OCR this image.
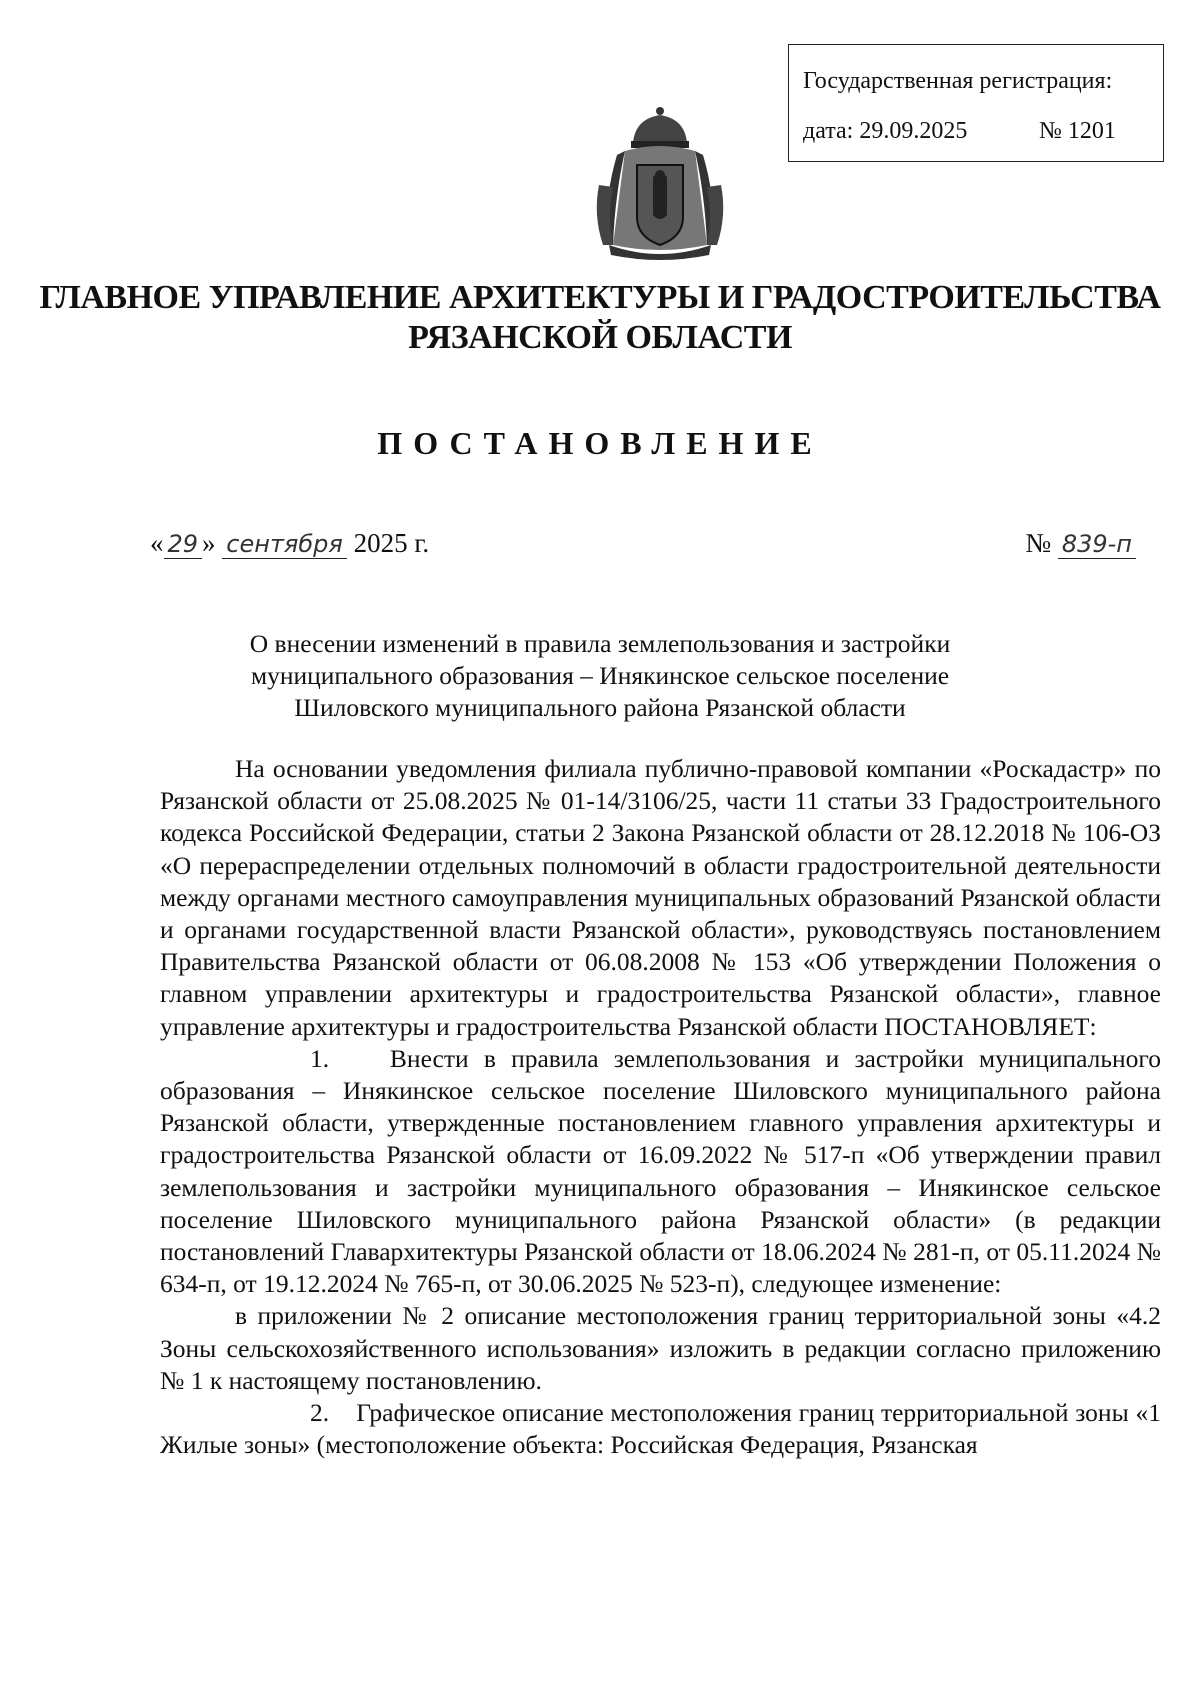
Государственная регистрация:
дата: 29.09.2025	№ 1201
ГЛАВНОЕ УПРАВЛЕНИЕ АРХИТЕКТУРЫ И ГРАДОСТРОИТЕЛЬСТВА
РЯЗАНСКОЙ ОБЛАСТИ
ПОСТАНОВЛЕНИЕ
« 29 » сентября 2025 г.	№ 839-п
О внесении изменений в правила землепользования и застройки
муниципального образования – Инякинское сельское поселение
Шиловского муниципального района Рязанской области

На основании уведомления филиала публично-правовой компании «Роскадастр» по Рязанской области от 25.08.2025 № 01-14/3106/25, части 11 статьи 33 Градостроительного кодекса Российской Федерации, статьи 2 Закона Рязанской области от 28.12.2018 № 106-ОЗ «О перераспределении отдельных полномочий в области градостроительной деятельности между органами местного самоуправления муниципальных образований Рязанской области и органами государственной власти Рязанской области», руководствуясь постановлением Правительства Рязанской области от 06.08.2008 № 153 «Об утверждении Положения о главном управлении архитектуры и градостроительства Рязанской области», главное управление архитектуры и градостроительства Рязанской области ПОСТАНОВЛЯЕТ:

1. Внести в правила землепользования и застройки муниципального образования – Инякинское сельское поселение Шиловского муниципального района Рязанской области, утвержденные постановлением главного управления архитектуры и градостроительства Рязанской области от 16.09.2022 № 517-п «Об утверждении правил землепользования и застройки муниципального образования – Инякинское сельское поселение Шиловского муниципального района Рязанской области» (в редакции постановлений Главархитектуры Рязанской области от 18.06.2024 № 281-п, от 05.11.2024 № 634-п, от 19.12.2024 № 765-п, от 30.06.2025 № 523-п), следующее изменение:

в приложении № 2 описание местоположения границ территориальной зоны «4.2 Зоны сельскохозяйственного использования» изложить в редакции согласно приложению № 1 к настоящему постановлению.

2. Графическое описание местоположения границ территориальной зоны «1 Жилые зоны» (местоположение объекта: Российская Федерация, Рязанская
